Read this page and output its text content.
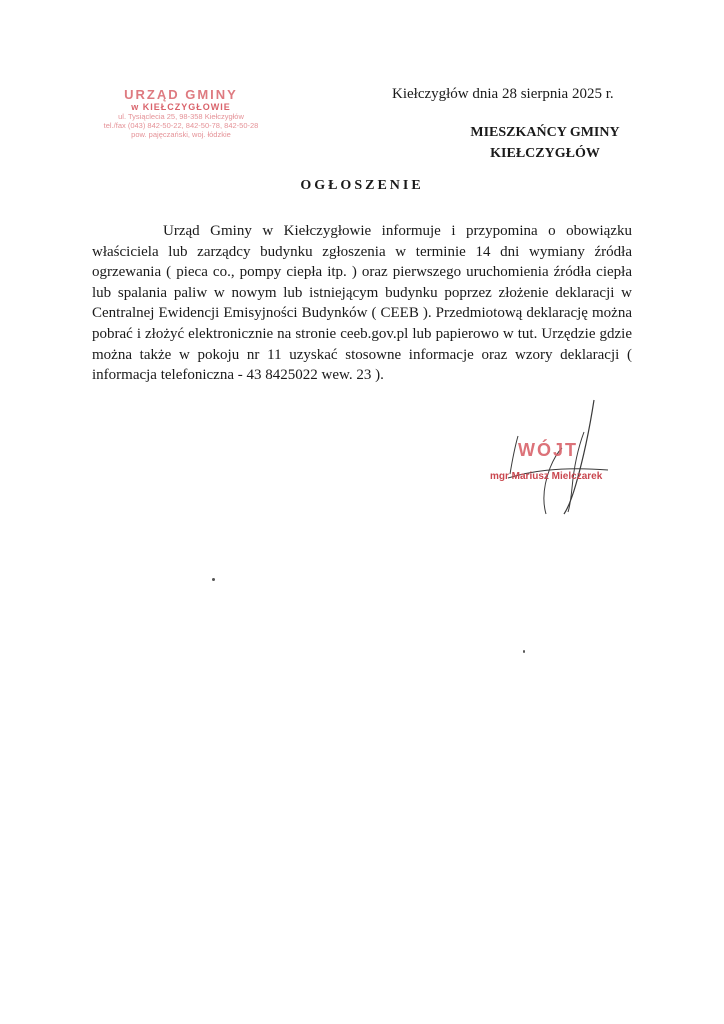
URZĄD GMINY
w KIEŁCZYGŁOWIE
ul. Tysiąclecia 25, 98-358 Kiełczygłów
tel./fax (043) 842-50-22, 842-50-78, 842-50-28
pow. pajęczański, woj. łódzkie
Kiełczygłów dnia 28 sierpnia 2025 r.
MIESZKAŃCY GMINY
KIEŁCZYGŁÓW
OGŁOSZENIE

Urząd Gminy w Kiełczygłowie informuje i przypomina o obowiązku właściciela lub zarządcy budynku zgłoszenia w terminie 14 dni wymiany źródła ogrzewania ( pieca co., pompy ciepła itp. ) oraz pierwszego uruchomienia źródła ciepła lub spalania paliw w nowym lub istniejącym budynku poprzez złożenie deklaracji w Centralnej Ewidencji Emisyjności Budynków ( CEEB ). Przedmiotową deklarację można pobrać i złożyć elektronicznie na stronie ceeb.gov.pl lub papierowo w tut. Urzędzie gdzie można także w pokoju nr 11 uzyskać stosowne informacje oraz wzory deklaracji ( informacja telefoniczna - 43 8425022 wew. 23 ).

WÓJT
mgr Mariusz Mielczarek
